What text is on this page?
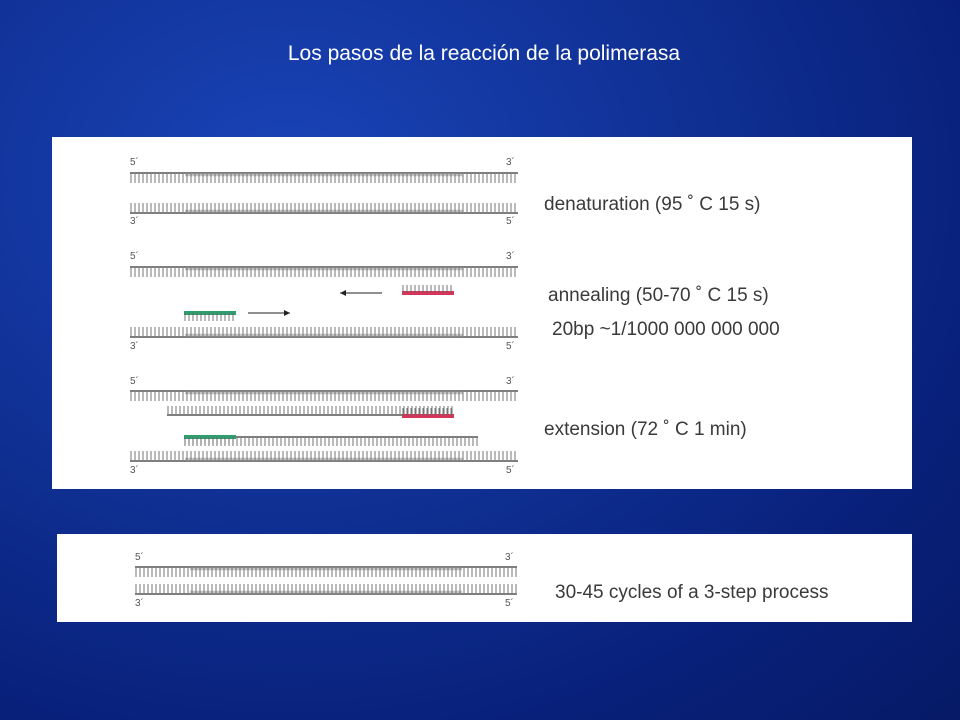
Los pasos de la reacción de la polimerasa
5´	3´
3´	5´
5´	3´
3´	5´
5´	3´
3´	5´
denaturation (95 ˚ C 15 s)
annealing (50-70 ˚ C 15 s)
20bp ~1/1000 000 000 000
extension (72 ˚ C 1 min)
5´	3´
3´	5´
30-45 cycles of a 3-step process
